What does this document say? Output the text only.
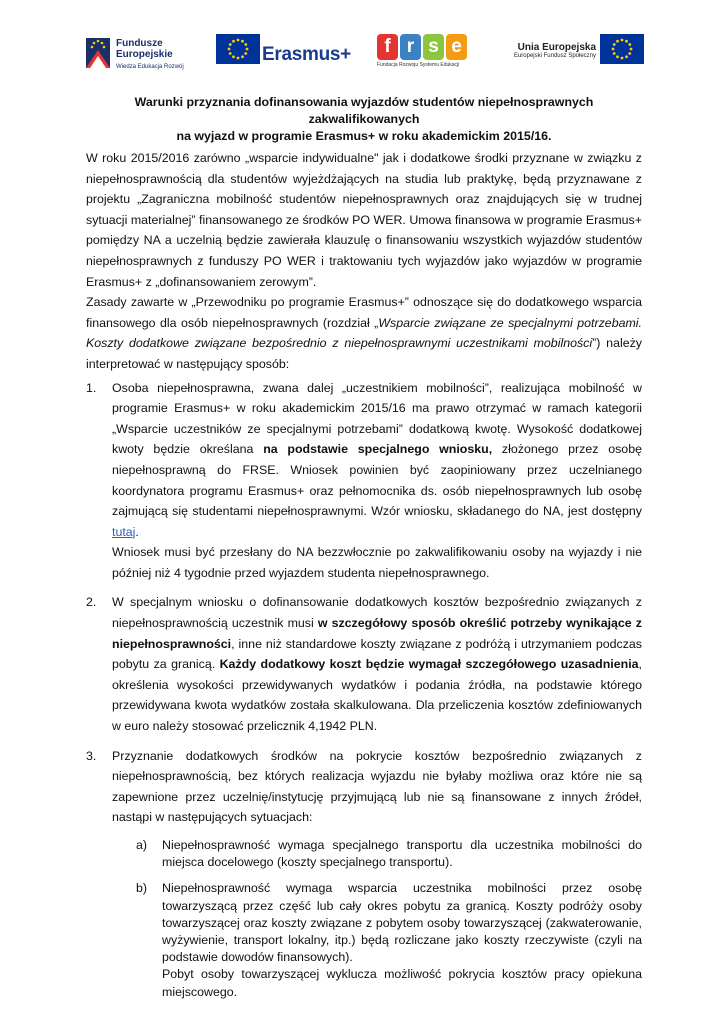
Fundusze
Europejskie
Wiedza Edukacja Rozwój
Erasmus+	f r s e
Fundacja Rozwoju Systemu Edukacji
Unia Europejska
Europejski Fundusz Społeczny
Warunki przyznania dofinansowania wyjazdów studentów niepełnosprawnych zakwalifikowanych
na wyjazd w programie Erasmus+ w roku akademickim 2015/16.

W roku 2015/2016 zarówno „wsparcie indywidualne" jak i dodatkowe środki przyznane w związku z niepełnosprawnością dla studentów wyjeżdżających na studia lub praktykę, będą przyznawane z projektu „Zagraniczna mobilność studentów niepełnosprawnych oraz znajdujących się w trudnej sytuacji materialnej” finansowanego ze środków PO WER. Umowa finansowa w programie Erasmus+ pomiędzy NA a uczelnią będzie zawierała klauzulę o finansowaniu wszystkich wyjazdów studentów niepełnosprawnych z funduszy PO WER i traktowaniu tych wyjazdów jako wyjazdów w programie Erasmus+ z „dofinansowaniem zerowym”.

Zasady zawarte w „Przewodniku po programie Erasmus+” odnoszące się do dodatkowego wsparcia finansowego dla osób niepełnosprawnych (rozdział „Wsparcie związane ze specjalnymi potrzebami. Koszty dodatkowe związane bezpośrednio z niepełnosprawnymi uczestnikami mobilności”) należy interpretować w następujący sposób:

1. Osoba niepełnosprawna, zwana dalej „uczestnikiem mobilności”, realizująca mobilność w programie Erasmus+ w roku akademickim 2015/16 ma prawo otrzymać w ramach kategorii „Wsparcie uczestników ze specjalnymi potrzebami” dodatkową kwotę. Wysokość dodatkowej kwoty będzie określana na podstawie specjalnego wniosku, złożonego przez osobę niepełnosprawną do FRSE. Wniosek powinien być zaopiniowany przez uczelnianego koordynatora programu Erasmus+ oraz pełnomocnika ds. osób niepełnosprawnych lub osobę zajmującą się studentami niepełnosprawnymi. Wzór wniosku, składanego do NA, jest dostępny tutaj.

Wniosek musi być przesłany do NA bezzwłocznie po zakwalifikowaniu osoby na wyjazdy i nie później niż 4 tygodnie przed wyjazdem studenta niepełnosprawnego.

2. W specjalnym wniosku o dofinansowanie dodatkowych kosztów bezpośrednio związanych z niepełnosprawnością uczestnik musi w szczegółowy sposób określić potrzeby wynikające z niepełnosprawności, inne niż standardowe koszty związane z podróżą i utrzymaniem podczas pobytu za granicą. Każdy dodatkowy koszt będzie wymagał szczegółowego uzasadnienia, określenia wysokości przewidywanych wydatków i podania źródła, na podstawie którego przewidywana kwota wydatków została skalkulowana. Dla przeliczenia kosztów zdefiniowanych w euro należy stosować przelicznik 4,1942 PLN.

3. Przyznanie dodatkowych środków na pokrycie kosztów bezpośrednio związanych z niepełnosprawnością, bez których realizacja wyjazdu nie byłaby możliwa oraz które nie są zapewnione przez uczelnię/instytucję przyjmującą lub nie są finansowane z innych źródeł, nastąpi w następujących sytuacjach:

a) Niepełnosprawność wymaga specjalnego transportu dla uczestnika mobilności do miejsca docelowego (koszty specjalnego transportu).

b) Niepełnosprawność wymaga wsparcia uczestnika mobilności przez osobę towarzyszącą przez część lub cały okres pobytu za granicą. Koszty podróży osoby towarzyszącej oraz koszty związane z pobytem osoby towarzyszącej (zakwaterowanie, wyżywienie, transport lokalny, itp.) będą rozliczane jako koszty rzeczywiste (czyli na podstawie dowodów finansowych).

Pobyt osoby towarzyszącej wyklucza możliwość pokrycia kosztów pracy opiekuna miejscowego.
